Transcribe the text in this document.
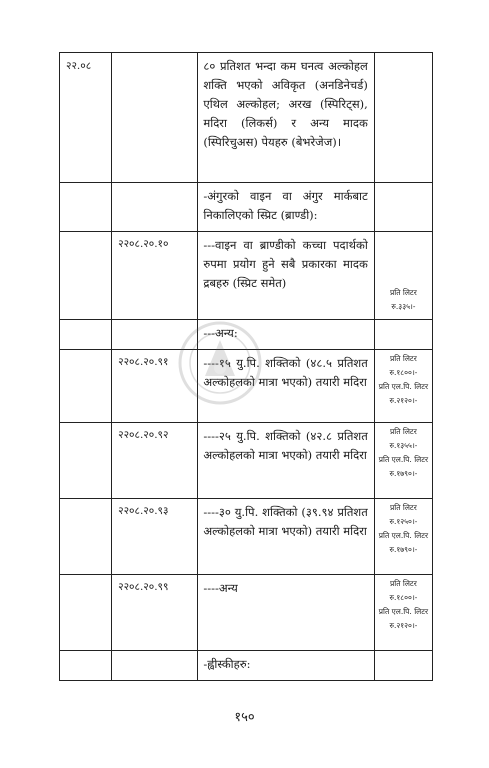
२२.०८		८० प्रतिशत भन्दा कम घनत्व अल्कोहल शक्ति भएको अविकृत (अनडिनेचर्ड) एथिल अल्कोहल; अरख (स्पिरिट्स), मदिरा (लिकर्स) र अन्य मादक (स्पिरिचुअस) पेयहरु (बेभरेजेज)।	
		-अंगुरको वाइन वा अंगुर मार्कबाट निकालिएको स्प्रिट (ब्राण्डी):	
	२२०८.२०.१०	---वाइन वा ब्राण्डीको कच्चा पदार्थको रुपमा प्रयोग हुने सबै प्रकारका मादक द्रबहरु (स्प्रिट समेत)	प्रति लिटर
रु.३३५।-

		---अन्य:	
	२२०८.२०.९१	----१५ यु.पि. शक्तिको (४८.५ प्रतिशत अल्कोहलको मात्रा भएको) तयारी मदिरा	प्रति लिटर
रु.१८००।-
प्रति एल.पि. लिटर
रु.२१२०।-

	२२०८.२०.९२	----२५ यु.पि. शक्तिको (४२.८ प्रतिशत अल्कोहलको मात्रा भएको) तयारी मदिरा	प्रति लिटर
रु.१३५५।-
प्रति एल.पि. लिटर
रु.१७९०।-

	२२०८.२०.९३	----३० यु.पि. शक्तिको (३९.९४ प्रतिशत अल्कोहलको मात्रा भएको) तयारी मदिरा	प्रति लिटर
रु.१२५०।-
प्रति एल.पि. लिटर
रु.१७९०।-

	२२०८.२०.९९	----अन्य	प्रति लिटर
रु.१८००।-
प्रति एल.पि. लिटर
रु.२१२०।-

		-ह्वीस्कीहरु:	
१५०
